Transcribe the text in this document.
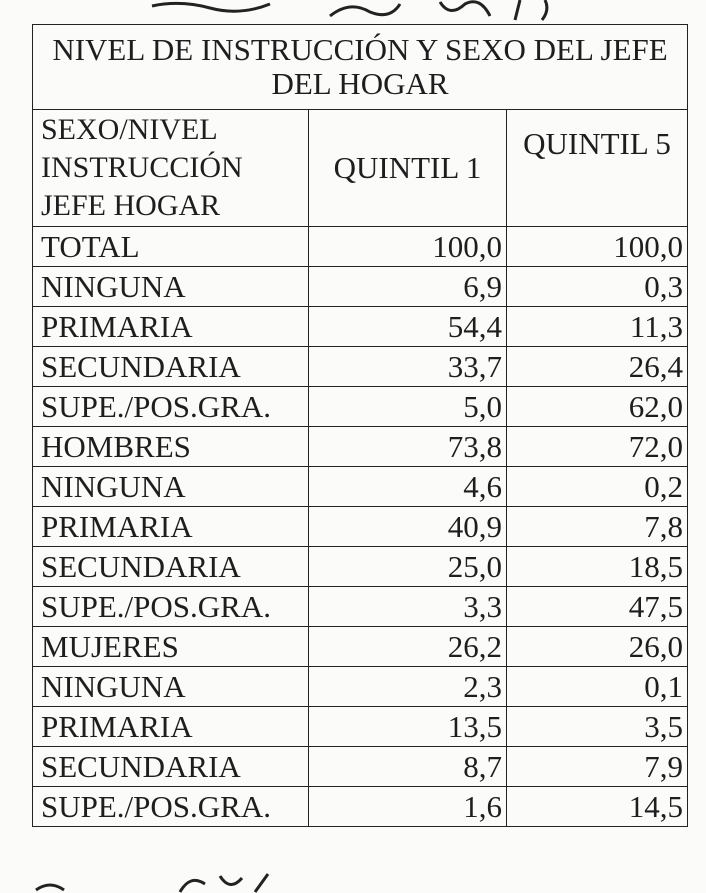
NIVEL DE INSTRUCCIÓN Y SEXO DEL JEFE DEL HOGAR		
SEXO/NIVEL INSTRUCCIÓN JEFE HOGAR	QUINTIL 1	QUINTIL 5
TOTAL	100,0	100,0
NINGUNA	6,9	0,3
PRIMARIA	54,4	11,3
SECUNDARIA	33,7	26,4
SUPE./POS.GRA.	5,0	62,0
HOMBRES	73,8	72,0
NINGUNA	4,6	0,2
PRIMARIA	40,9	7,8
SECUNDARIA	25,0	18,5
SUPE./POS.GRA.	3,3	47,5
MUJERES	26,2	26,0
NINGUNA	2,3	0,1
PRIMARIA	13,5	3,5
SECUNDARIA	8,7	7,9
SUPE./POS.GRA.	1,6	14,5
